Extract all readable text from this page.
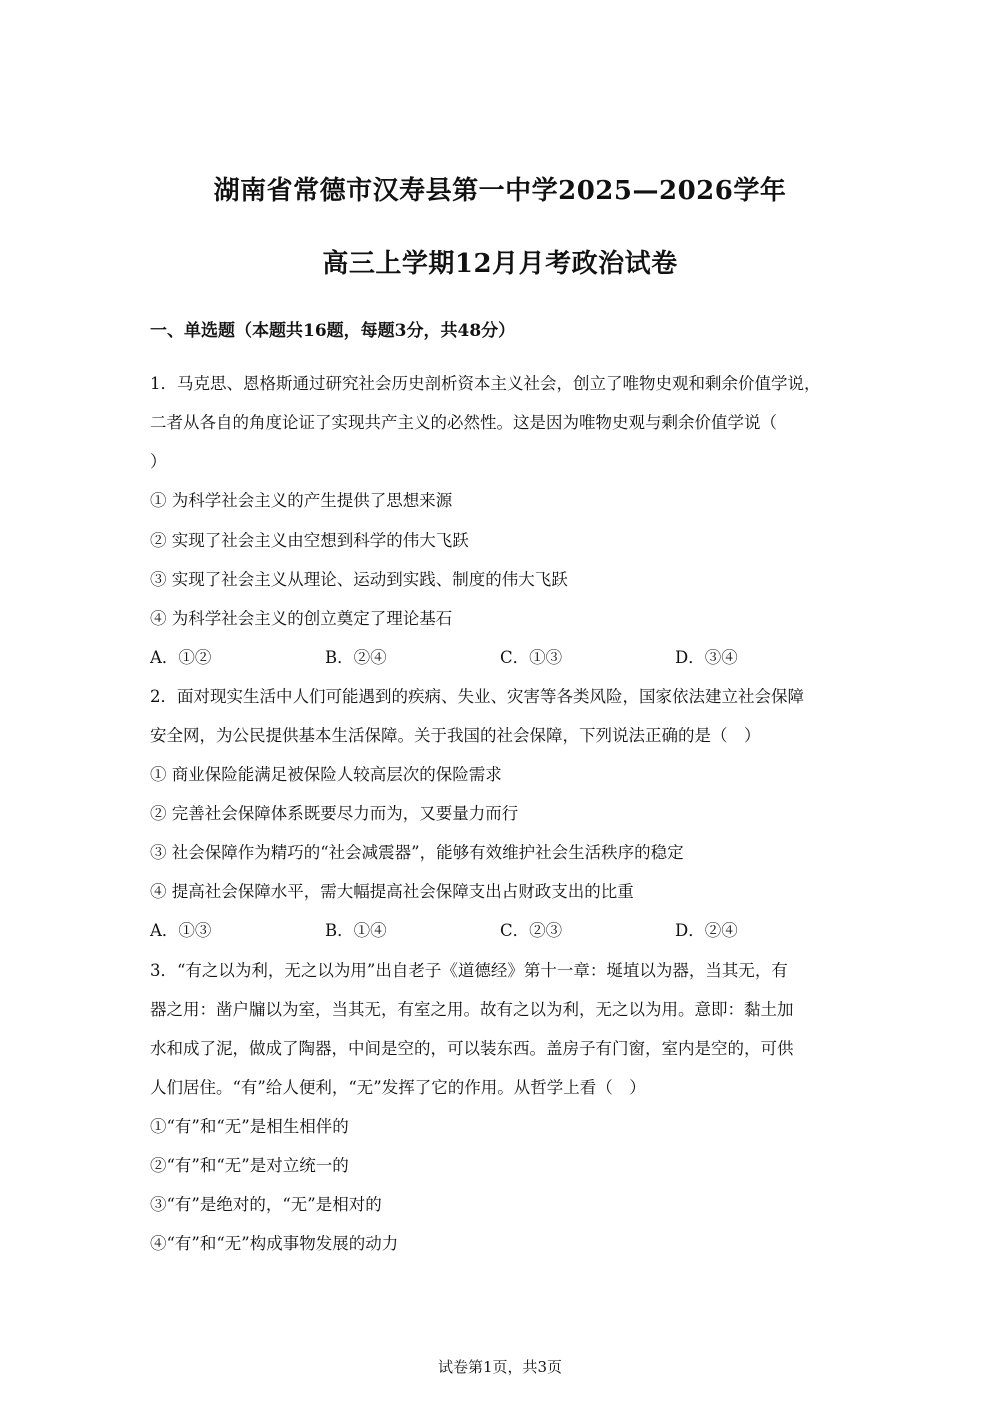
湖南省常德市汉寿县第一中学2025—2026学年
高三上学期12月月考政治试卷
一、单选题（本题共16题，每题3分，共48分）
1．马克思、恩格斯通过研究社会历史剖析资本主义社会，创立了唯物史观和剩余价值学说，
二者从各自的角度论证了实现共产主义的必然性。这是因为唯物史观与剩余价值学说（
）
① 为科学社会主义的产生提供了思想来源
② 实现了社会主义由空想到科学的伟大飞跃
③ 实现了社会主义从理论、运动到实践、制度的伟大飞跃
④ 为科学社会主义的创立奠定了理论基石
A．①②	B．②④	C．①③	D．③④
2．面对现实生活中人们可能遇到的疾病、失业、灾害等各类风险，国家依法建立社会保障
安全网，为公民提供基本生活保障。关于我国的社会保障，下列说法正确的是（　）
① 商业保险能满足被保险人较高层次的保险需求
② 完善社会保障体系既要尽力而为，又要量力而行
③ 社会保障作为精巧的“社会减震器”，能够有效维护社会生活秩序的稳定
④ 提高社会保障水平，需大幅提高社会保障支出占财政支出的比重
A．①③	B．①④	C．②③	D．②④
3．“有之以为利，无之以为用”出自老子《道德经》第十一章：埏埴以为器，当其无，有
器之用：凿户牖以为室，当其无，有室之用。故有之以为利，无之以为用。意即：黏土加
水和成了泥，做成了陶器，中间是空的，可以装东西。盖房子有门窗，室内是空的，可供
人们居住。“有”给人便利，“无”发挥了它的作用。从哲学上看（　）
①“有”和“无”是相生相伴的
②“有”和“无”是对立统一的
③“有”是绝对的，“无”是相对的
④“有”和“无”构成事物发展的动力
试卷第1页，共3页
